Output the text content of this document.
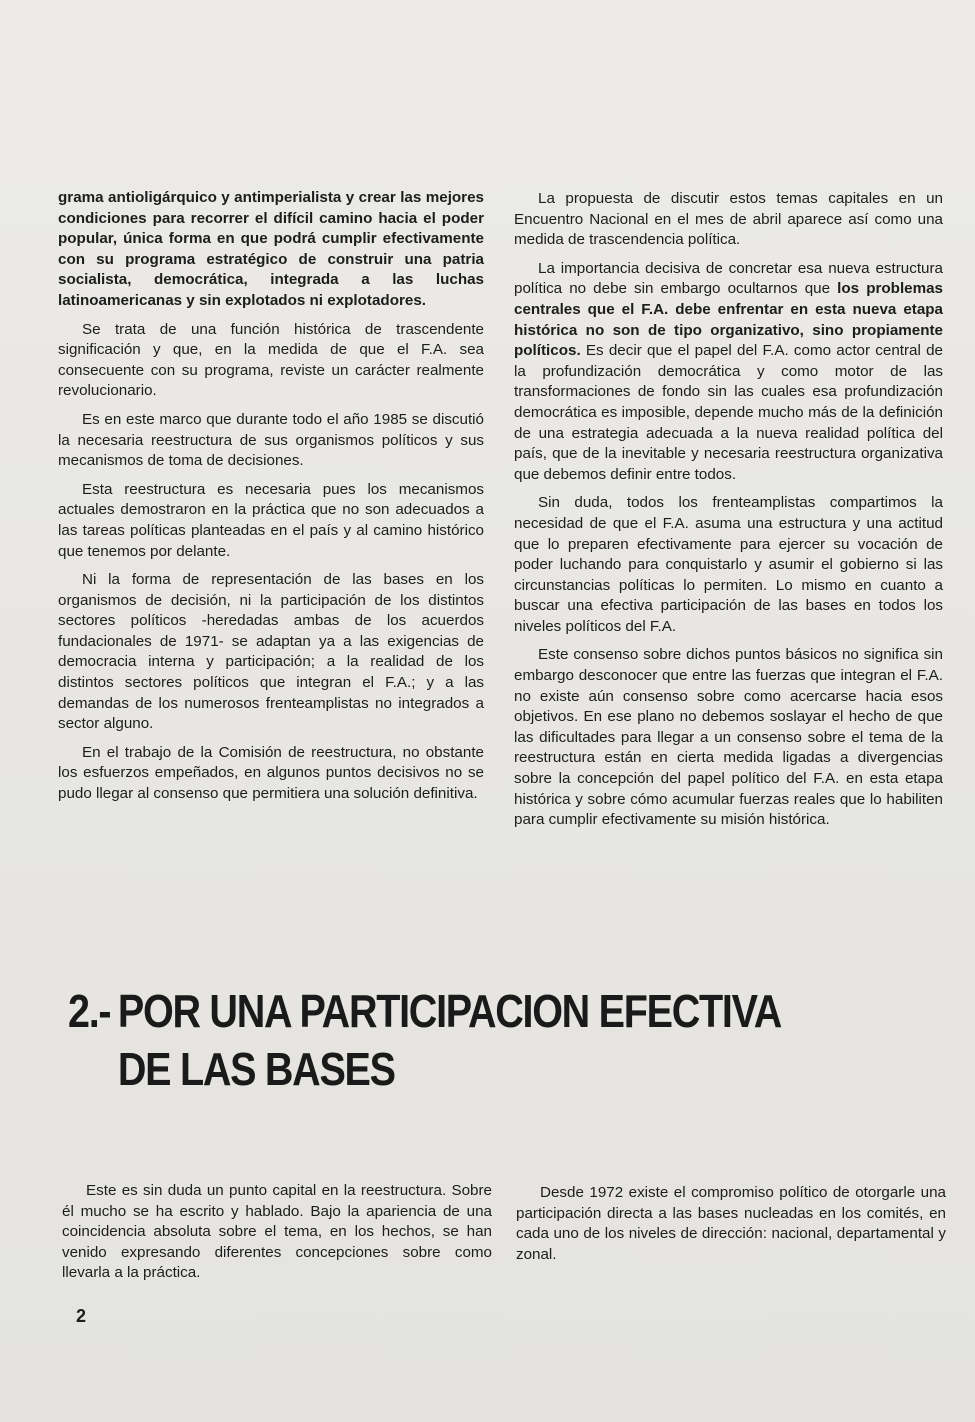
grama antioligárquico y antimperialista y crear las mejores condiciones para recorrer el difícil camino hacia el poder popular, única forma en que podrá cumplir efectivamente con su programa estratégico de construir una patria socialista, democrática, integrada a las luchas latinoamericanas y sin explotados ni explotadores.

Se trata de una función histórica de trascendente significación y que, en la medida de que el F.A. sea consecuente con su programa, reviste un carácter realmente revolucionario.

Es en este marco que durante todo el año 1985 se discutió la necesaria reestructura de sus organismos políticos y sus mecanismos de toma de decisiones.

Esta reestructura es necesaria pues los mecanismos actuales demostraron en la práctica que no son adecuados a las tareas políticas planteadas en el país y al camino histórico que tenemos por delante.

Ni la forma de representación de las bases en los organismos de decisión, ni la participación de los distintos sectores políticos -heredadas ambas de los acuerdos fundacionales de 1971- se adaptan ya a las exigencias de democracia interna y participación; a la realidad de los distintos sectores políticos que integran el F.A.; y a las demandas de los numerosos frenteamplistas no integrados a sector alguno.

En el trabajo de la Comisión de reestructura, no obstante los esfuerzos empeñados, en algunos puntos decisivos no se pudo llegar al consenso que permitiera una solución definitiva.

La propuesta de discutir estos temas capitales en un Encuentro Nacional en el mes de abril aparece así como una medida de trascendencia política.

La importancia decisiva de concretar esa nueva estructura política no debe sin embargo ocultarnos que los problemas centrales que el F.A. debe enfrentar en esta nueva etapa histórica no son de tipo organizativo, sino propiamente políticos. Es decir que el papel del F.A. como actor central de la profundización democrática y como motor de las transformaciones de fondo sin las cuales esa profundización democrática es imposible, depende mucho más de la definición de una estrategia adecuada a la nueva realidad política del país, que de la inevitable y necesaria reestructura organizativa que debemos definir entre todos.

Sin duda, todos los frenteamplistas compartimos la necesidad de que el F.A. asuma una estructura y una actitud que lo preparen efectivamente para ejercer su vocación de poder luchando para conquistarlo y asumir el gobierno si las circunstancias políticas lo permiten. Lo mismo en cuanto a buscar una efectiva participación de las bases en todos los niveles políticos del F.A.

Este consenso sobre dichos puntos básicos no significa sin embargo desconocer que entre las fuerzas que integran el F.A. no existe aún consenso sobre como acercarse hacia esos objetivos. En ese plano no debemos soslayar el hecho de que las dificultades para llegar a un consenso sobre el tema de la reestructura están en cierta medida ligadas a divergencias sobre la concepción del papel político del F.A. en esta etapa histórica y sobre cómo acumular fuerzas reales que lo habiliten para cumplir efectivamente su misión histórica.

2.- POR UNA PARTICIPACION EFECTIVA
DE LAS BASES

Este es sin duda un punto capital en la reestructura. Sobre él mucho se ha escrito y hablado. Bajo la apariencia de una coincidencia absoluta sobre el tema, en los hechos, se han venido expresando diferentes concepciones sobre como llevarla a la práctica.

Desde 1972 existe el compromiso político de otorgarle una participación directa a las bases nucleadas en los comités, en cada uno de los niveles de dirección: nacional, departamental y zonal.

2
